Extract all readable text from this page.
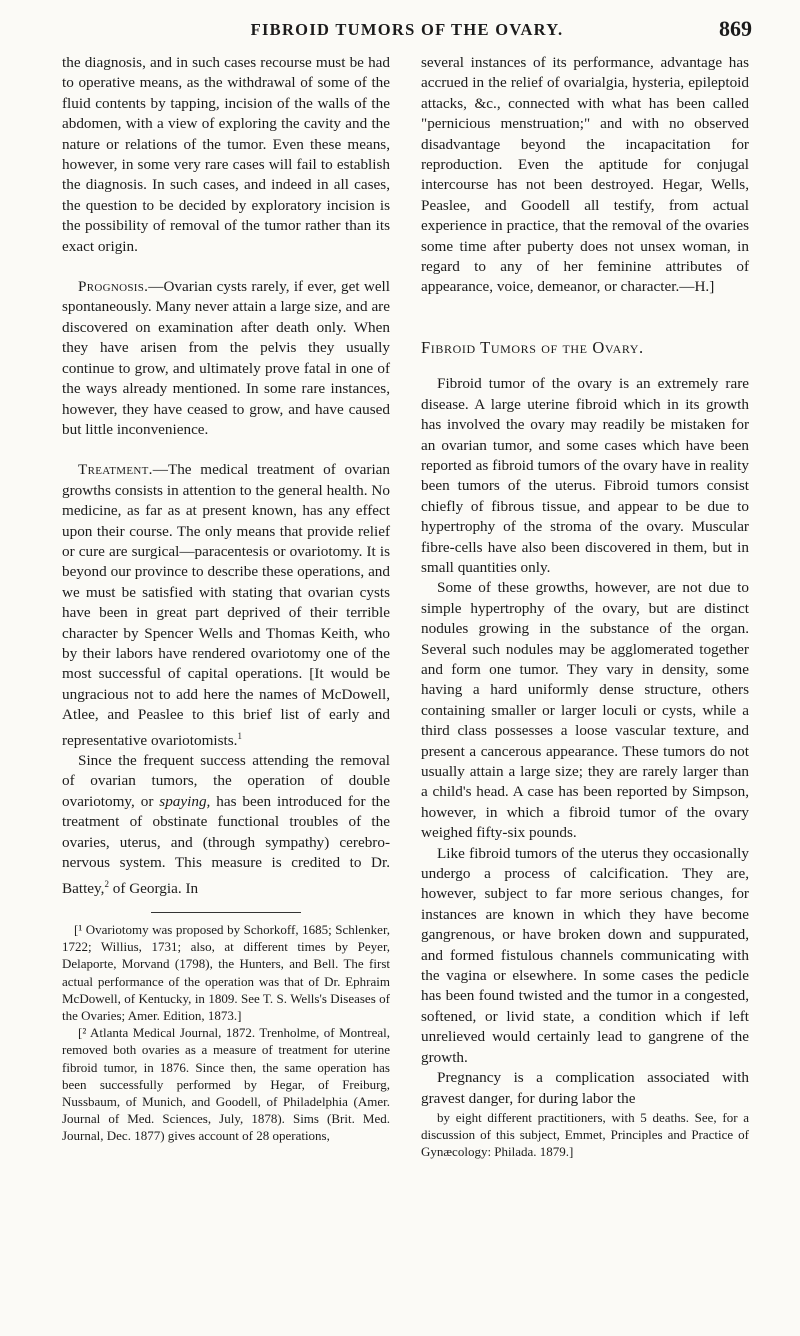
FIBROID TUMORS OF THE OVARY.	869

the diagnosis, and in such cases recourse must be had to operative means, as the withdrawal of some of the fluid contents by tapping, incision of the walls of the abdomen, with a view of exploring the cavity and the nature or relations of the tumor. Even these means, however, in some very rare cases will fail to establish the diagnosis. In such cases, and indeed in all cases, the question to be decided by exploratory incision is the possibility of removal of the tumor rather than its exact origin.

Prognosis.—Ovarian cysts rarely, if ever, get well spontaneously. Many never attain a large size, and are discovered on examination after death only. When they have arisen from the pelvis they usually continue to grow, and ultimately prove fatal in one of the ways already mentioned. In some rare instances, however, they have ceased to grow, and have caused but little inconvenience.

Treatment.—The medical treatment of ovarian growths consists in attention to the general health. No medicine, as far as at present known, has any effect upon their course. The only means that provide relief or cure are surgical—paracentesis or ovariotomy. It is beyond our province to describe these operations, and we must be satisfied with stating that ovarian cysts have been in great part deprived of their terrible character by Spencer Wells and Thomas Keith, who by their labors have rendered ovariotomy one of the most successful of capital operations. [It would be ungracious not to add here the names of McDowell, Atlee, and Peaslee to this brief list of early and representative ovariotomists.$^1$

Since the frequent success attending the removal of ovarian tumors, the operation of double ovariotomy, or spaying, has been introduced for the treatment of obstinate functional troubles of the ovaries, uterus, and (through sympathy) cerebro-nervous system. This measure is credited to Dr. Battey,$^2$ of Georgia. In

[¹ Ovariotomy was proposed by Schorkoff, 1685; Schlenker, 1722; Willius, 1731; also, at different times by Peyer, Delaporte, Morvand (1798), the Hunters, and Bell. The first actual performance of the operation was that of Dr. Ephraim McDowell, of Kentucky, in 1809. See T. S. Wells's Diseases of the Ovaries; Amer. Edition, 1873.]

[² Atlanta Medical Journal, 1872. Trenholme, of Montreal, removed both ovaries as a measure of treatment for uterine fibroid tumor, in 1876. Since then, the same operation has been successfully performed by Hegar, of Freiburg, Nussbaum, of Munich, and Goodell, of Philadelphia (Amer. Journal of Med. Sciences, July, 1878). Sims (Brit. Med. Journal, Dec. 1877) gives account of 28 operations,

several instances of its performance, advantage has accrued in the relief of ovarialgia, hysteria, epileptoid attacks, &c., connected with what has been called "pernicious menstruation;" and with no observed disadvantage beyond the incapacitation for reproduction. Even the aptitude for conjugal intercourse has not been destroyed. Hegar, Wells, Peaslee, and Goodell all testify, from actual experience in practice, that the removal of the ovaries some time after puberty does not unsex woman, in regard to any of her feminine attributes of appearance, voice, demeanor, or character.—H.]

Fibroid Tumors of the Ovary.

Fibroid tumor of the ovary is an extremely rare disease. A large uterine fibroid which in its growth has involved the ovary may readily be mistaken for an ovarian tumor, and some cases which have been reported as fibroid tumors of the ovary have in reality been tumors of the uterus. Fibroid tumors consist chiefly of fibrous tissue, and appear to be due to hypertrophy of the stroma of the ovary. Muscular fibre-cells have also been discovered in them, but in small quantities only.

Some of these growths, however, are not due to simple hypertrophy of the ovary, but are distinct nodules growing in the substance of the organ. Several such nodules may be agglomerated together and form one tumor. They vary in density, some having a hard uniformly dense structure, others containing smaller or larger loculi or cysts, while a third class possesses a loose vascular texture, and present a cancerous appearance. These tumors do not usually attain a large size; they are rarely larger than a child's head. A case has been reported by Simpson, however, in which a fibroid tumor of the ovary weighed fifty-six pounds.

Like fibroid tumors of the uterus they occasionally undergo a process of calcification. They are, however, subject to far more serious changes, for instances are known in which they have become gangrenous, or have broken down and suppurated, and formed fistulous channels communicating with the vagina or elsewhere. In some cases the pedicle has been found twisted and the tumor in a congested, softened, or livid state, a condition which if left unrelieved would certainly lead to gangrene of the growth.

Pregnancy is a complication associated with gravest danger, for during labor the

by eight different practitioners, with 5 deaths. See, for a discussion of this subject, Emmet, Principles and Practice of Gynæcology: Philada. 1879.]
